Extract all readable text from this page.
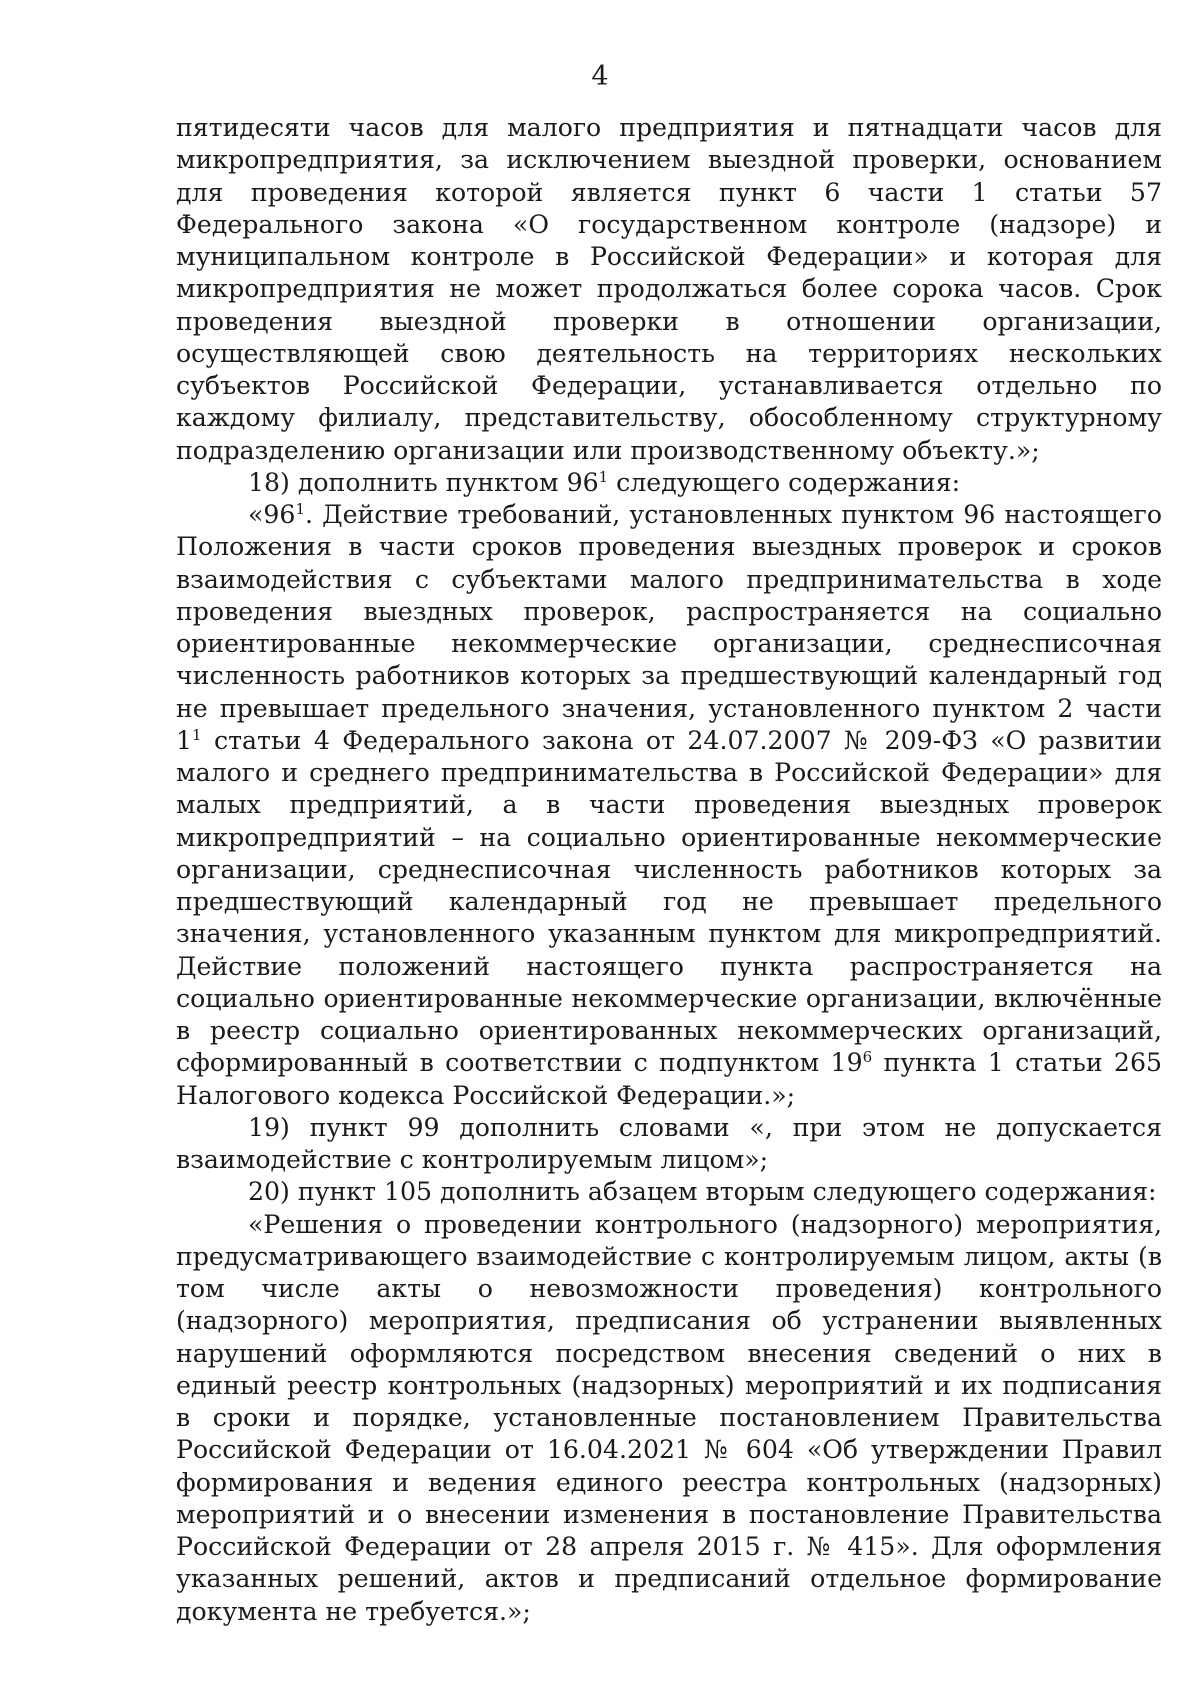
4

пятидесяти часов для малого предприятия и пятнадцати часов для микропредприятия, за исключением выездной проверки, основанием для проведения которой является пункт 6 части 1 статьи 57 Федерального закона «О государственном контроле (надзоре) и муниципальном контроле в Российской Федерации» и которая для микропредприятия не может продолжаться более сорока часов. Срок проведения выездной проверки в отношении организации, осуществляющей свою деятельность на территориях нескольких субъектов Российской Федерации, устанавливается отдельно по каждому филиалу, представительству, обособленному структурному подразделению организации или производственному объекту.»;

18) дополнить пунктом $96^1$ следующего содержания:

«$96^1$. Действие требований, установленных пунктом 96 настоящего Положения в части сроков проведения выездных проверок и сроков взаимодействия с субъектами малого предпринимательства в ходе проведения выездных проверок, распространяется на социально ориентированные некоммерческие организации, среднесписочная численность работников которых за предшествующий календарный год не превышает предельного значения, установленного пунктом 2 части $1^1$ статьи 4 Федерального закона от 24.07.2007 № 209-ФЗ «О развитии малого и среднего предпринимательства в Российской Федерации» для малых предприятий, а в части проведения выездных проверок микропредприятий – на социально ориентированные некоммерческие организации, среднесписочная численность работников которых за предшествующий календарный год не превышает предельного значения, установленного указанным пунктом для микропредприятий. Действие положений настоящего пункта распространяется на социально ориентированные некоммерческие организации, включённые в реестр социально ориентированных некоммерческих организаций, сформированный в соответствии с подпунктом $19^6$ пункта 1 статьи 265 Налогового кодекса Российской Федерации.»;

19) пункт 99 дополнить словами «, при этом не допускается взаимодействие с контролируемым лицом»;

20) пункт 105 дополнить абзацем вторым следующего содержания:

«Решения о проведении контрольного (надзорного) мероприятия, предусматривающего взаимодействие с контролируемым лицом, акты (в том числе акты о невозможности проведения) контрольного (надзорного) мероприятия, предписания об устранении выявленных нарушений оформляются посредством внесения сведений о них в единый реестр контрольных (надзорных) мероприятий и их подписания в сроки и порядке, установленные постановлением Правительства Российской Федерации от 16.04.2021 № 604 «Об утверждении Правил формирования и ведения единого реестра контрольных (надзорных) мероприятий и о внесении изменения в постановление Правительства Российской Федерации от 28 апреля 2015 г. № 415». Для оформления указанных решений, актов и предписаний отдельное формирование документа не требуется.»;
